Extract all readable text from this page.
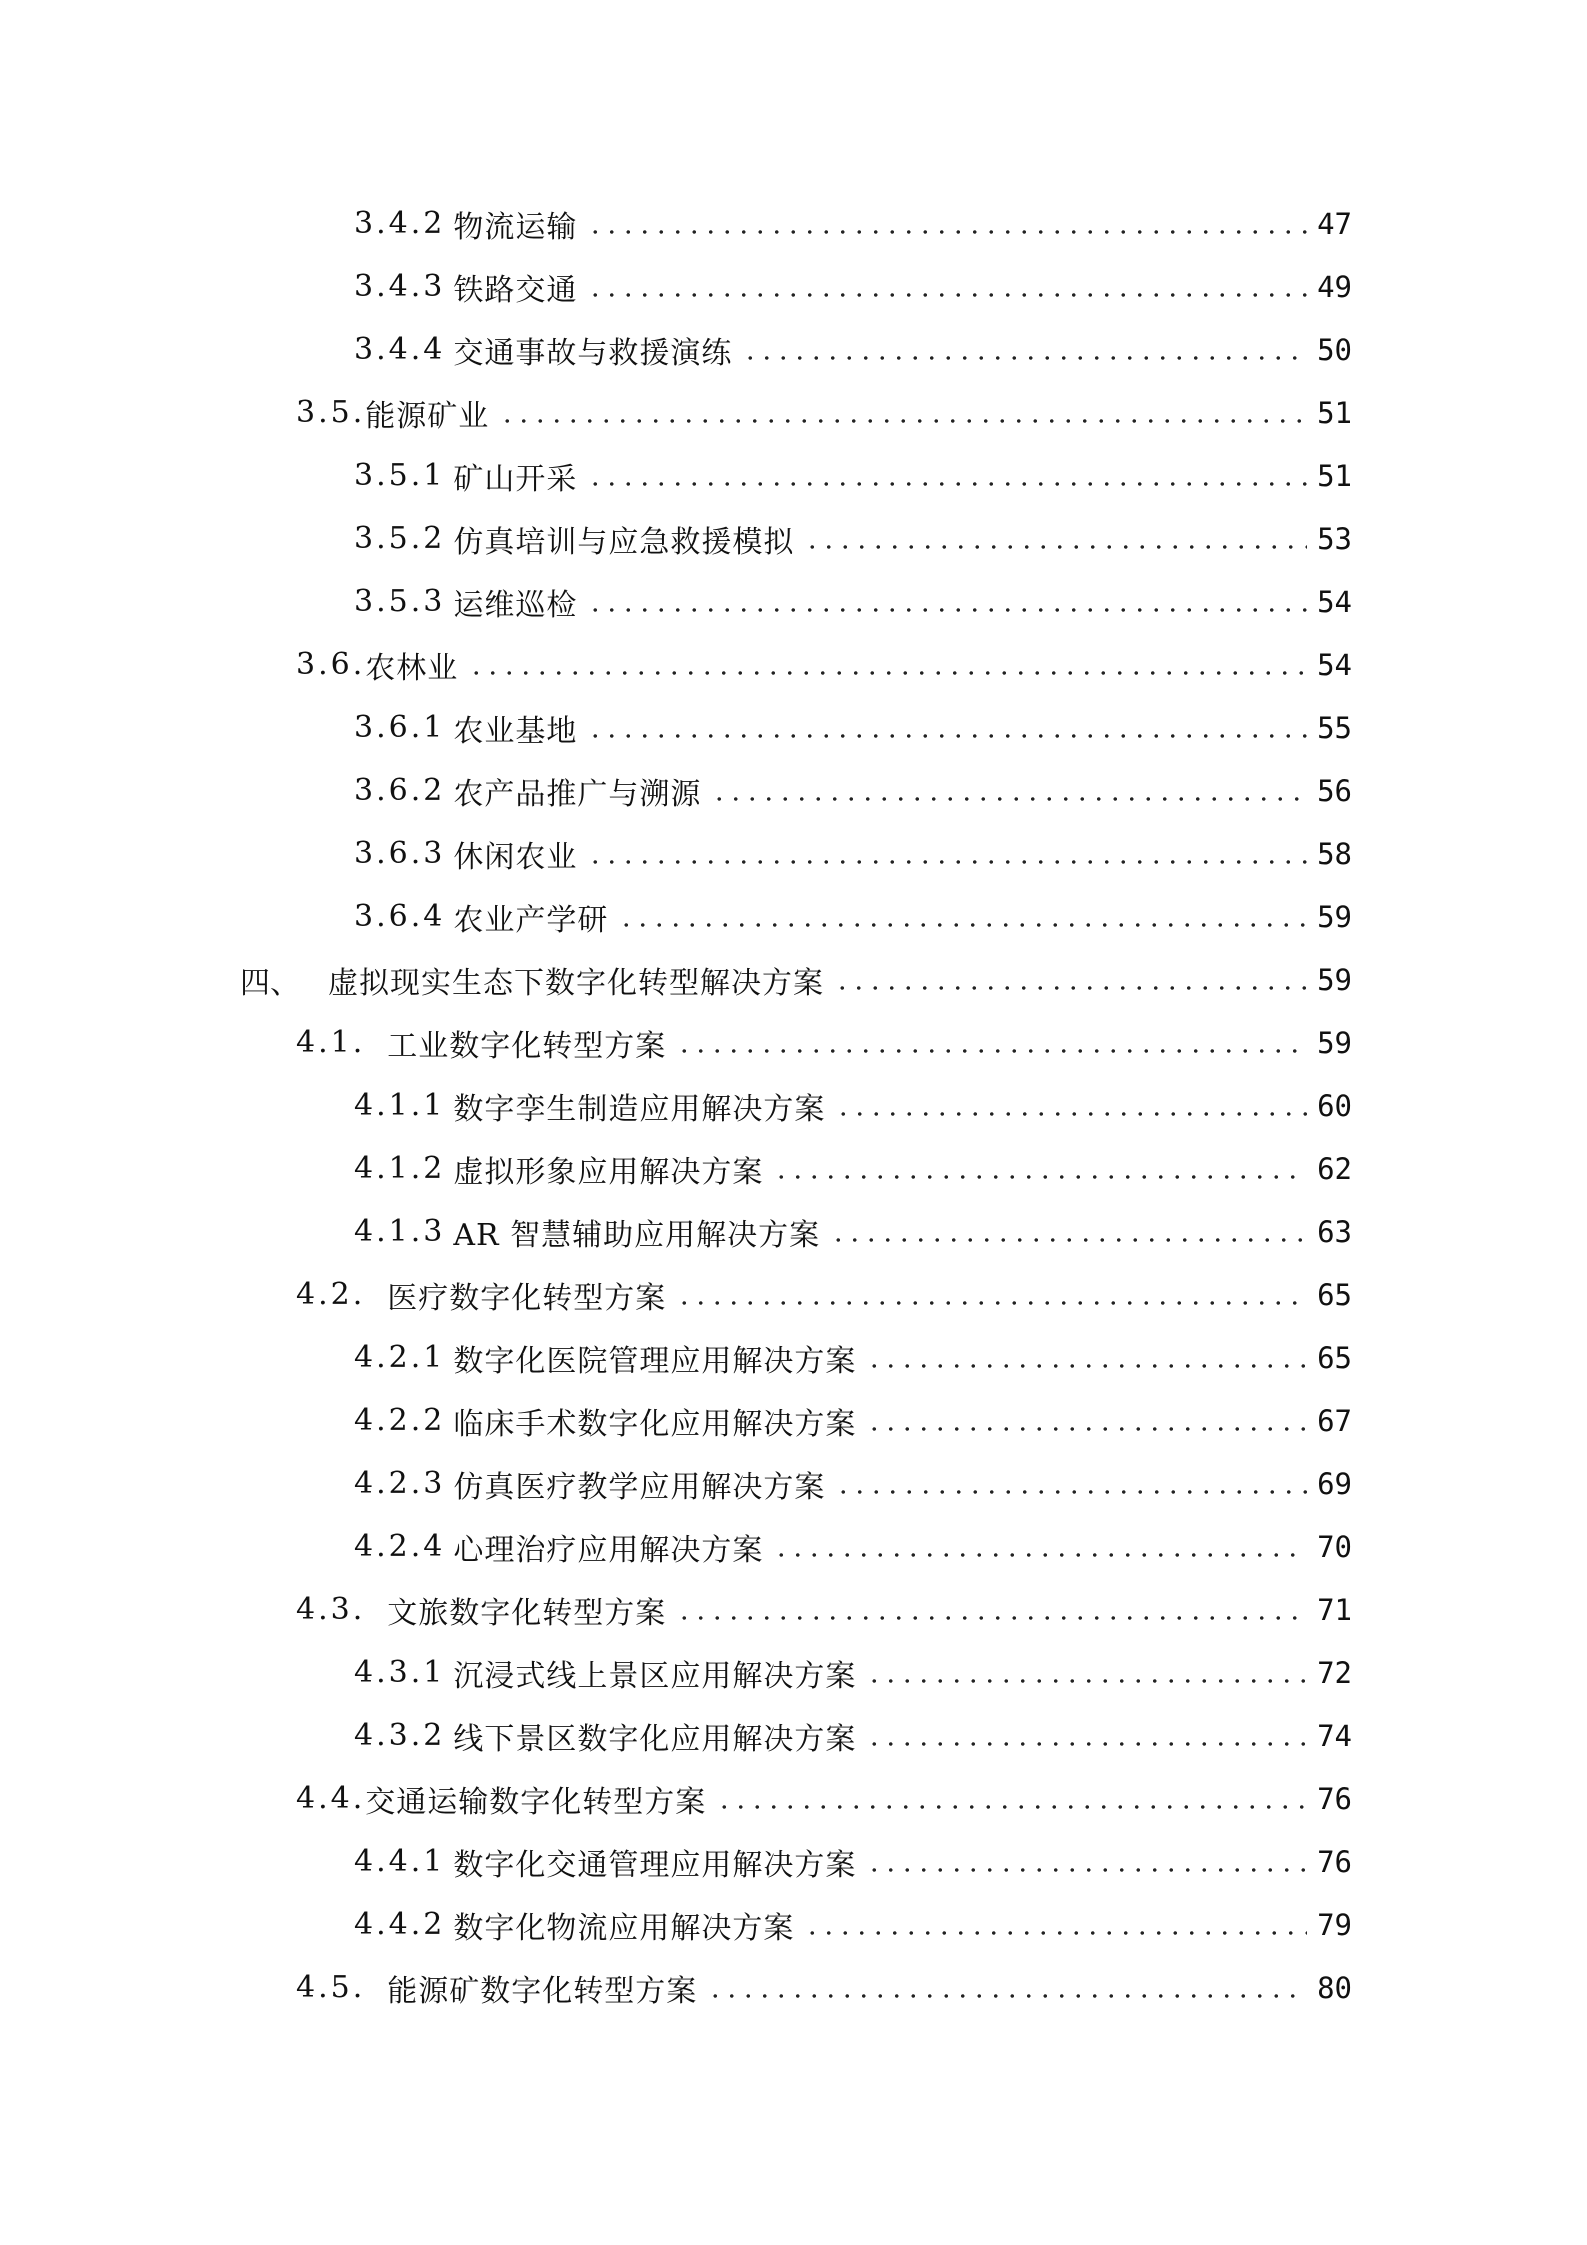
3.4.2 物流运输	47
3.4.3 铁路交通	49
3.4.4 交通事故与救援演练	50
3.5. 能源矿业	51
3.5.1 矿山开采	51
3.5.2 仿真培训与应急救援模拟	53
3.5.3 运维巡检	54
3.6. 农林业	54
3.6.1 农业基地	55
3.6.2 农产品推广与溯源	56
3.6.3 休闲农业	58
3.6.4 农业产学研	59
四、 虚拟现实生态下数字化转型解决方案	59
4.1. 工业数字化转型方案	59
4.1.1 数字孪生制造应用解决方案	60
4.1.2 虚拟形象应用解决方案	62
4.1.3 AR 智慧辅助应用解决方案	63
4.2. 医疗数字化转型方案	65
4.2.1 数字化医院管理应用解决方案	65
4.2.2 临床手术数字化应用解决方案	67
4.2.3 仿真医疗教学应用解决方案	69
4.2.4 心理治疗应用解决方案	70
4.3. 文旅数字化转型方案	71
4.3.1 沉浸式线上景区应用解决方案	72
4.3.2 线下景区数字化应用解决方案	74
4.4. 交通运输数字化转型方案	76
4.4.1 数字化交通管理应用解决方案	76
4.4.2 数字化物流应用解决方案	79
4.5. 能源矿数字化转型方案	80
